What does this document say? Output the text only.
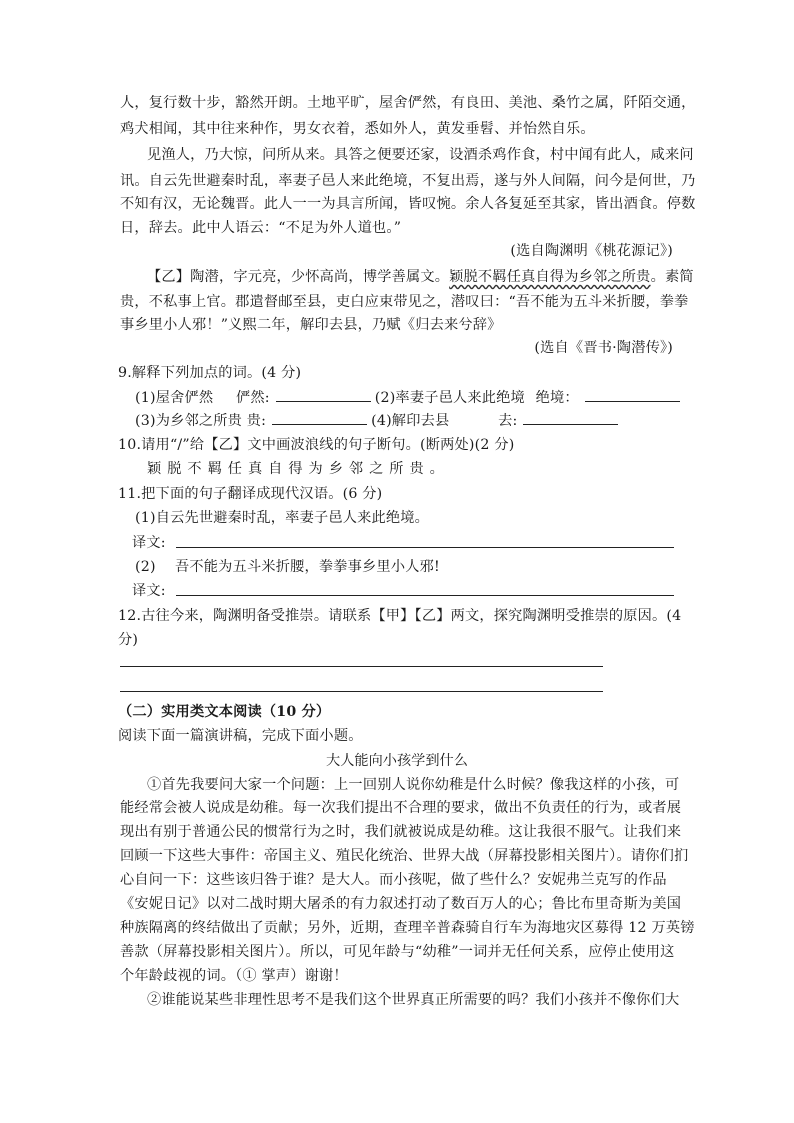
人，复行数十步，豁然开朗。土地平旷，屋舍俨然，有良田、美池、桑竹之属，阡陌交通，
鸡犬相闻，其中往来种作，男女衣着，悉如外人，黄发垂髫、并怡然自乐。
见渔人，乃大惊，问所从来。具答之便要还家，设酒杀鸡作食，村中闻有此人，咸来问
讯。自云先世避秦时乱，率妻子邑人来此绝境，不复出焉，遂与外人间隔，问今是何世，乃
不知有汉，无论魏晋。此人一一为具言所闻，皆叹惋。余人各复延至其家，皆出酒食。停数
日，辞去。此中人语云：“不足为外人道也。”
(选自陶渊明《桃花源记》)
【乙】陶潜，字元亮，少怀高尚，博学善属文。颖脱不羁任真自得为乡邻之所贵。素简
贵，不私事上官。郡遣督邮至县，吏白应束带见之，潜叹曰：“吾不能为五斗米折腰，拳拳
事乡里小人邪！”义熙二年，解印去县，乃赋《归去来兮辞》
(选自《晋书·陶潜传》)
9.解释下列加点的词。(4 分)
(1)屋舍俨然 俨然:	(2)率妻子邑人来此绝境 绝境：
(3)为乡邻之所贵 贵:	(4)解印去县	去:
10.请用“/”给【乙】文中画波浪线的句子断句。(断两处)(2 分)
颖脱不羁任真自得为乡邻之所贵。
11.把下面的句子翻译成现代汉语。(6 分)
(1)自云先世避秦时乱，率妻子邑人来此绝境。
译文:
(2) 吾不能为五斗米折腰，拳拳事乡里小人邪!
译文:
12.古往今来，陶渊明备受推崇。请联系【甲】【乙】两文，探究陶渊明受推崇的原因。(4
分)
（二）实用类文本阅读（10 分）
阅读下面一篇演讲稿，完成下面小题。
大人能向小孩学到什么
①首先我要问大家一个问题：上一回别人说你幼稚是什么时候？像我这样的小孩，可
能经常会被人说成是幼稚。每一次我们提出不合理的要求，做出不负责任的行为，或者展
现出有别于普通公民的惯常行为之时，我们就被说成是幼稚。这让我很不服气。让我们来
回顾一下这些大事件：帝国主义、殖民化统治、世界大战（屏幕投影相关图片）。请你们扪
心自问一下：这些该归咎于谁？是大人。而小孩呢，做了些什么？安妮弗兰克写的作品
《安妮日记》以对二战时期大屠杀的有力叙述打动了数百万人的心；鲁比布里奇斯为美国
种族隔离的终结做出了贡献；另外，近期，查理辛普森骑自行车为海地灾区募得 12 万英镑
善款（屏幕投影相关图片）。所以，可见年龄与“幼稚”一词并无任何关系，应停止使用这
个年龄歧视的词。（① 掌声）谢谢！
②谁能说某些非理性思考不是我们这个世界真正所需要的吗？我们小孩并不像你们大
